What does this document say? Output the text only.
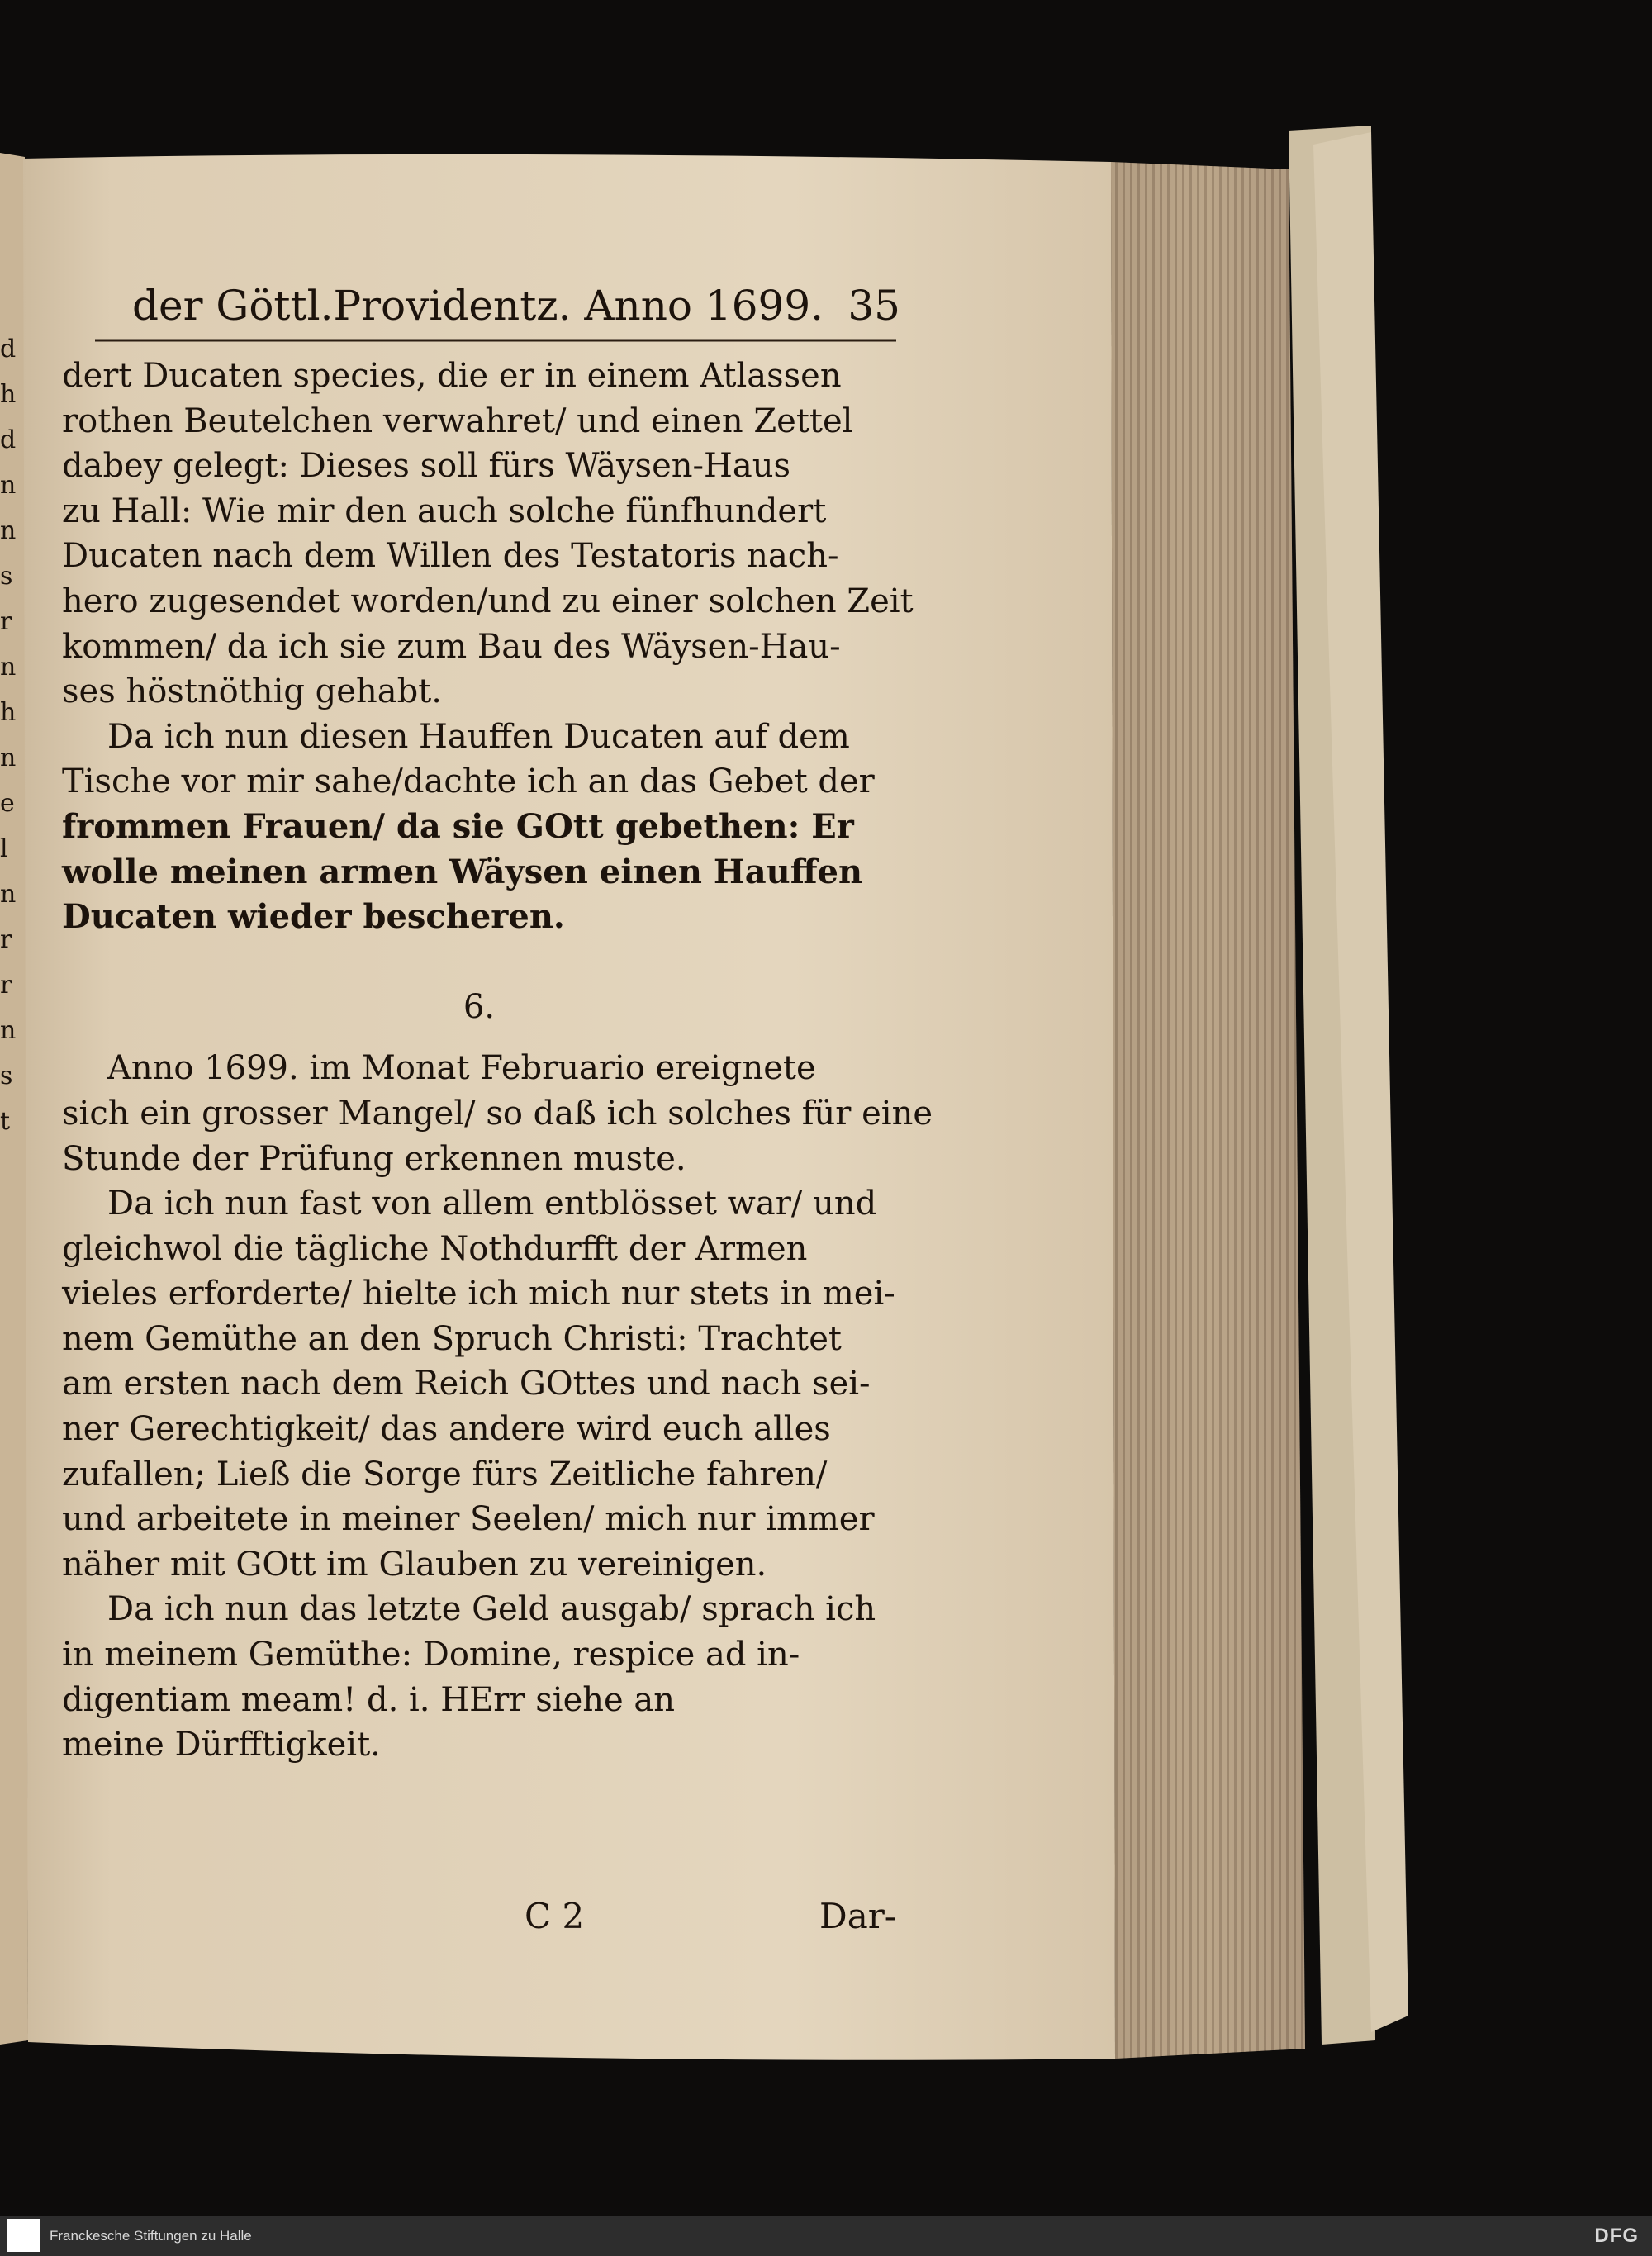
d
h
d
n
n
s
r
n
h
n
e
l
n
r
r
n
s
t
der Göttl.Providentz. Anno 1699. 35
dert Ducaten species, die er in einem Atlassen
rothen Beutelchen verwahret/ und einen Zettel
dabey gelegt: Dieses soll fürs Wäysen-Haus
zu Hall: Wie mir den auch solche fünfhundert
Ducaten nach dem Willen des Testatoris nach-
hero zugesendet worden/und zu einer solchen Zeit
kommen/ da ich sie zum Bau des Wäysen-Hau-
ses höstnöthig gehabt.
Da ich nun diesen Hauffen Ducaten auf dem
Tische vor mir sahe/dachte ich an das Gebet der
frommen Frauen/ da sie GOtt gebethen: Er
wolle meinen armen Wäysen einen Hauffen
Ducaten wieder bescheren.
6.
Anno 1699. im Monat Februario ereignete
sich ein grosser Mangel/ so daß ich solches für eine
Stunde der Prüfung erkennen muste.
Da ich nun fast von allem entblösset war/ und
gleichwol die tägliche Nothdurfft der Armen
vieles erforderte/ hielte ich mich nur stets in mei-
nem Gemüthe an den Spruch Christi: Trachtet
am ersten nach dem Reich GOttes und nach sei-
ner Gerechtigkeit/ das andere wird euch alles
zufallen; Ließ die Sorge fürs Zeitliche fahren/
und arbeitete in meiner Seelen/ mich nur immer
näher mit GOtt im Glauben zu vereinigen.
Da ich nun das letzte Geld ausgab/ sprach ich
in meinem Gemüthe: Domine, respice ad in-
digentiam meam! d. i. HErr siehe an
meine Dürfftigkeit.
C 2	Dar-
Franckesche Stiftungen zu Halle	DFG
